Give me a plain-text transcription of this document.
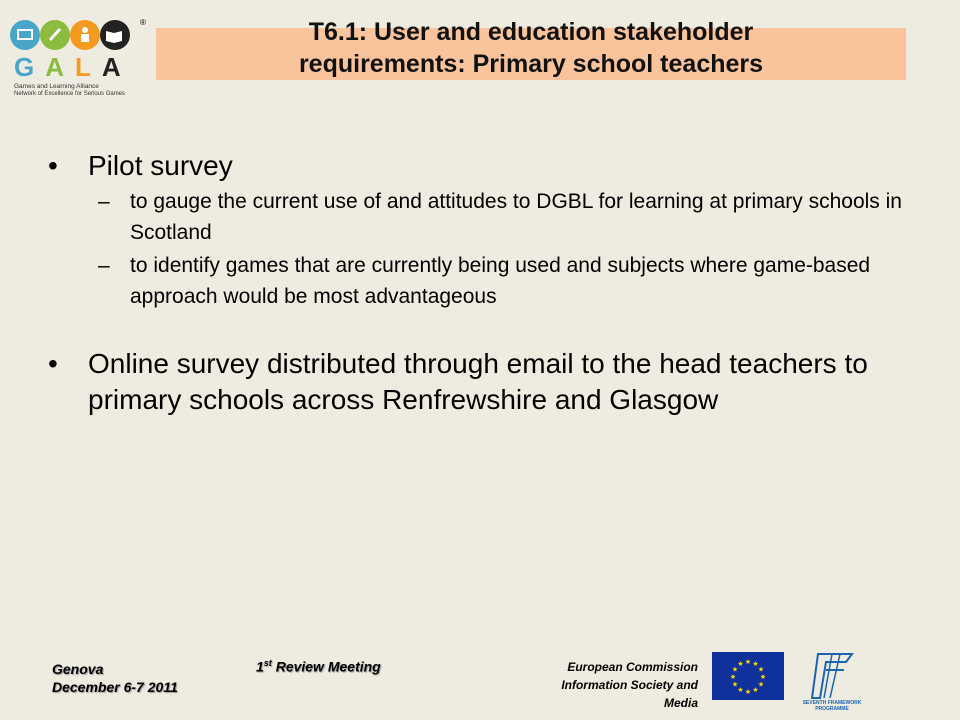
®
GALA
Games and Learning Alliance
Network of Excellence for Serious Games
T6.1: User and education stakeholder
requirements: Primary school teachers
• Pilot survey
– to gauge the current use of and attitudes to DGBL for learning at primary schools in Scotland
– to identify games that are currently being used and subjects where game-based approach would be most advantageous
• Online survey distributed through email to the head teachers to primary schools across Renfrewshire and Glasgow
Genova
December 6-7 2011
1st Review Meeting	European Commission
Information Society and
Media
★ ★
★
★
★
★
★
★
★
★
★
★
SEVENTH FRAMEWORK
PROGRAMME
